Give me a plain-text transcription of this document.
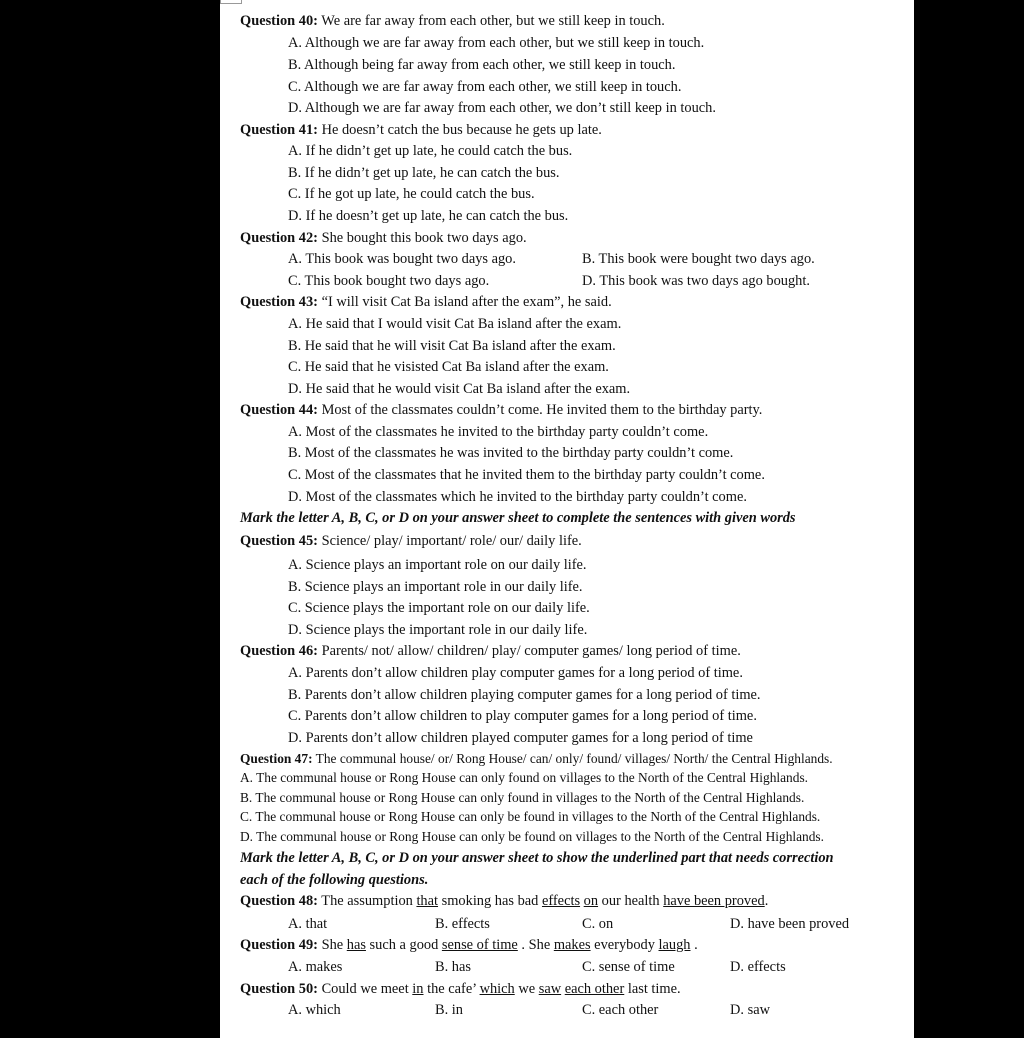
Question 40: We are far away from each other, but we still keep in touch.
A. Although we are far away from each other, but we still keep in touch.
B. Although being far away from each other, we still keep in touch.
C. Although we are far away from each other, we still keep in touch.
D. Although we are far away from each other, we don’t still keep in touch.
Question 41: He doesn’t catch the bus because he gets up late.
A. If he didn’t get up late, he could catch the bus.
B. If he didn’t get up late, he can catch the bus.
C. If he got up late, he could catch the bus.
D. If he doesn’t get up late, he can catch the bus.
Question 42: She bought this book two days ago.
A. This book was bought two days ago.	B. This book were bought two days ago.
C. This book bought two days ago.	D. This book was two days ago bought.
Question 43: “I will visit Cat Ba island after the exam”, he said.
A. He said that I would visit Cat Ba island after the exam.
B. He said that he will visit Cat Ba island after the exam.
C. He said that he visisted Cat Ba island after the exam.
D. He said that he would visit Cat Ba island after the exam.
Question 44: Most of the classmates couldn’t come. He invited them to the birthday party.
A. Most of the classmates he invited to the birthday party couldn’t come.
B. Most of the classmates he was invited to the birthday party couldn’t come.
C. Most of the classmates that he invited them to the birthday party couldn’t come.
D. Most of the classmates which he invited to the birthday party couldn’t come.
Mark the letter A, B, C, or D on your answer sheet to complete the sentences with given words
Question 45: Science/ play/ important/ role/ our/ daily life.
A. Science plays an important role on our daily life.
B. Science plays an important role in our daily life.
C. Science plays the important role on our daily life.
D. Science plays the important role in our daily life.
Question 46: Parents/ not/ allow/ children/ play/ computer games/ long period of time.
A. Parents don’t allow children play computer games for a long period of time.
B. Parents don’t allow children playing computer games for a long period of time.
C. Parents don’t allow children to play computer games for a long period of time.
D. Parents don’t allow children played computer games for a long period of time
Question 47: The communal house/ or/ Rong House/ can/ only/ found/ villages/ North/ the Central Highlands.
A. The communal house or Rong House can only found on villages to the North of the Central Highlands.
B. The communal house or Rong House can only found in villages to the North of the Central Highlands.
C. The communal house or Rong House can only be found in villages to the North of the Central Highlands.
D. The communal house or Rong House can only be found on villages to the North of the Central Highlands.
Mark the letter A, B, C, or D on your answer sheet to show the underlined part that needs correction
each of the following questions.
Question 48: The assumption that smoking has bad effects on our health have been proved.
A. that	B. effects	C. on	D. have been proved
Question 49: She has such a good sense of time . She makes everybody laugh .
A. makes	B. has	C. sense of time	D. effects
Question 50: Could we meet in the cafe’ which we saw each other last time.
A. which	B. in	C. each other	D. saw
